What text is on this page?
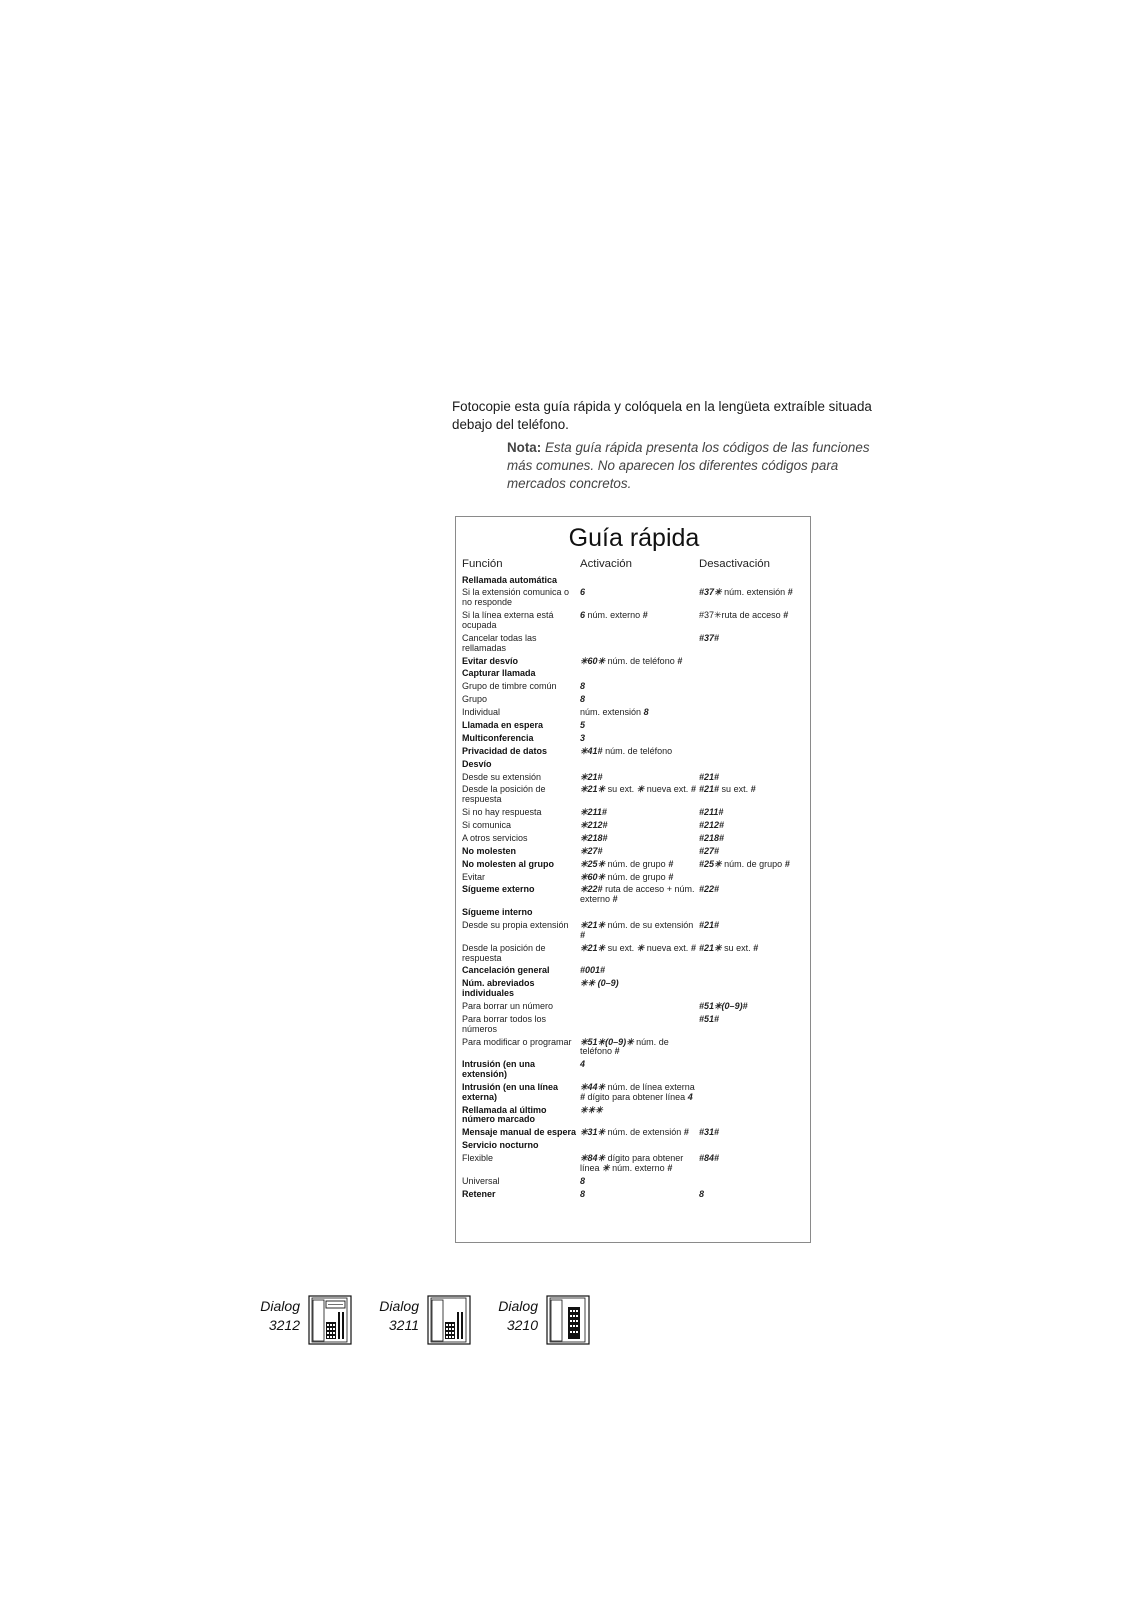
Fotocopie esta guía rápida y colóquela en la lengüeta extraíble situada debajo del teléfono.
Nota: Esta guía rápida presenta los códigos de las funciones más comunes. No aparecen los diferentes códigos para mercados concretos.
Guía rápida
Función	Activación	Desactivación
Rellamada automática		
Si la extensión comunica o no responde	6	#37✳ núm. extensión #
Si la línea externa está ocupada	6 núm. externo #	#37✳ruta de acceso #
Cancelar todas las rellamadas		#37#
Evitar desvío	✳60✳ núm. de teléfono #	
Capturar llamada		
Grupo de timbre común	8	
Grupo	8	
Individual	núm. extensión 8	
Llamada en espera	5	
Multiconferencia	3	
Privacidad de datos	✳41# núm. de teléfono	
Desvío		
Desde su extensión	✳21#	#21#
Desde la posición de respuesta	✳21✳ su ext. ✳ nueva ext. #	#21# su ext. #
Si no hay respuesta	✳211#	#211#
Si comunica	✳212#	#212#
A otros servicios	✳218#	#218#
No molesten	✳27#	#27#
No molesten al grupo	✳25✳ núm. de grupo #	#25✳ núm. de grupo #
Evitar	✳60✳ núm. de grupo #	
Sígueme externo	✳22# ruta de acceso + núm. externo #	#22#
Sígueme interno		
Desde su propia extensión	✳21✳ núm. de su extensión #	#21#
Desde la posición de respuesta	✳21✳ su ext. ✳ nueva ext. #	#21✳ su ext. #
Cancelación general	#001#	
Núm. abreviados individuales	✳✳ (0–9)	
Para borrar un número		#51✳(0–9)#
Para borrar todos los números		#51#
Para modificar o programar	✳51✳(0–9)✳ núm. de teléfono #	
Intrusión (en una extensión)	4	
Intrusión (en una línea externa)	✳44✳ núm. de línea externa # dígito para obtener línea 4	
Rellamada al último número marcado	✳✳✳	
Mensaje manual de espera	✳31✳ núm. de extensión #	#31#
Servicio nocturno		
Flexible	✳84✳ dígito para obtener línea ✳ núm. externo #	#84#
Universal	8	
Retener	8	8
Dialog
3212
Dialog
3211
Dialog
3210
